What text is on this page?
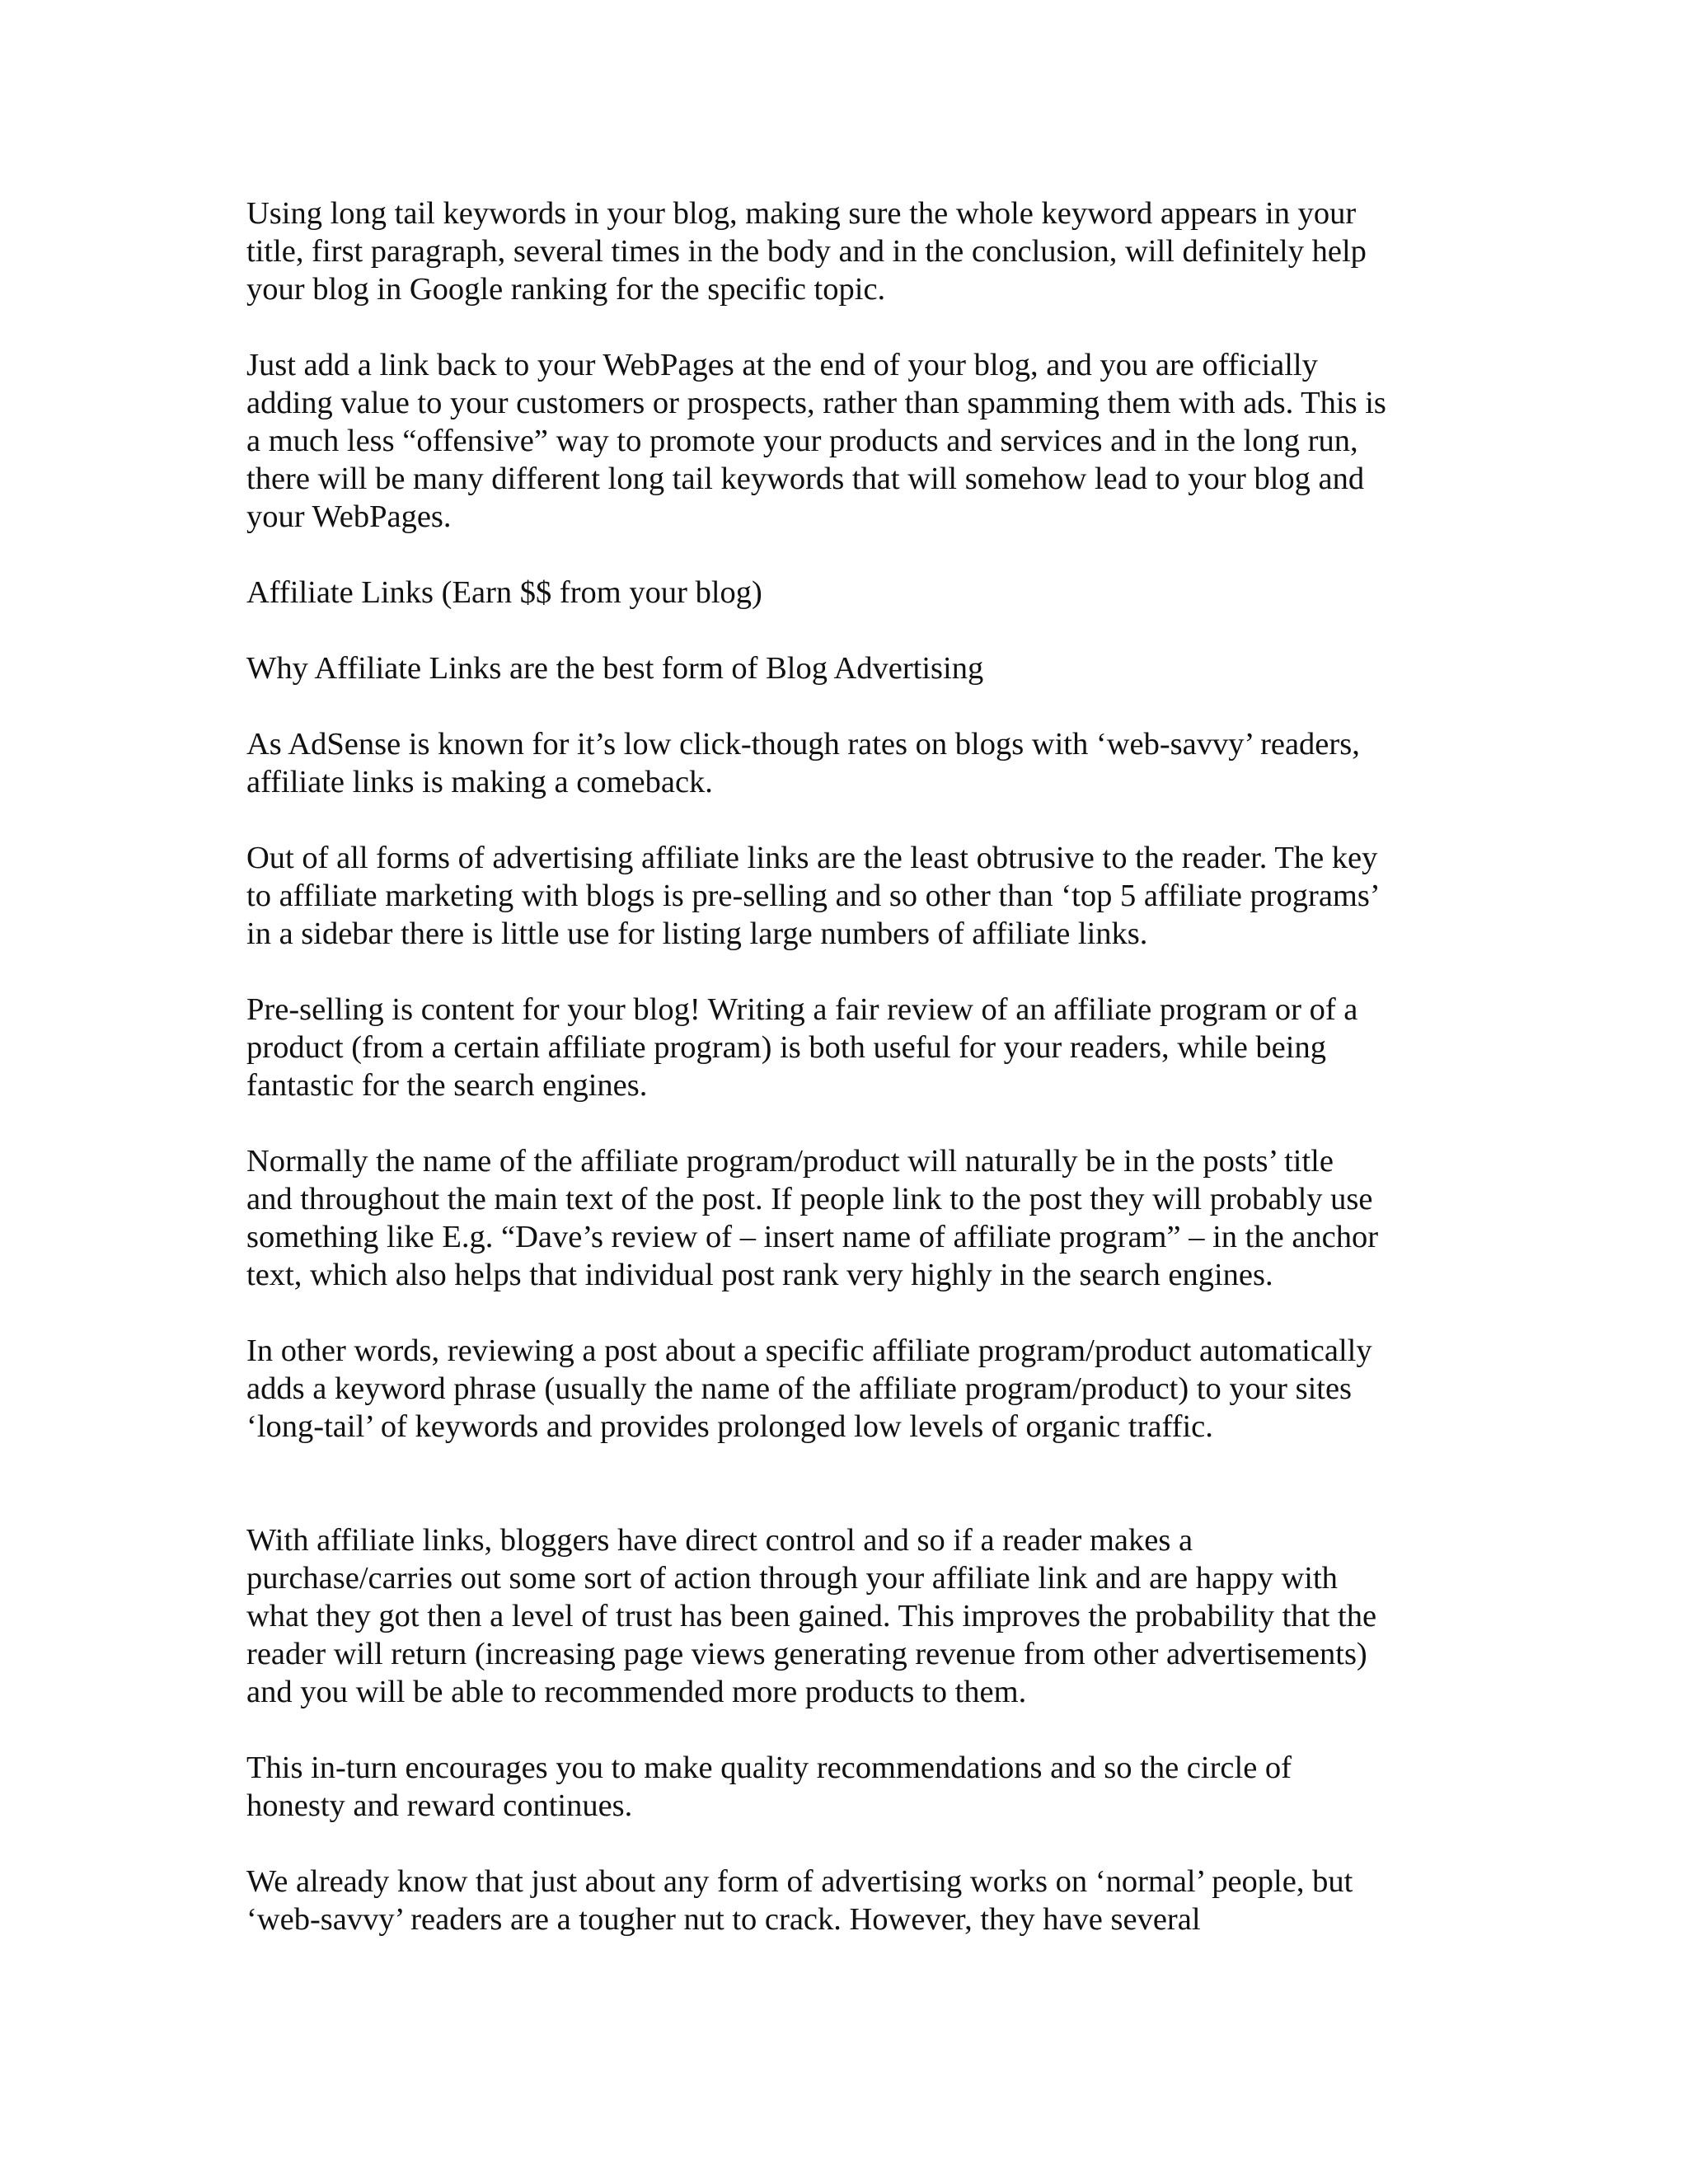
Using long tail keywords in your blog, making sure the whole keyword appears in your
title, first paragraph, several times in the body and in the conclusion, will definitely help
your blog in Google ranking for the specific topic.

Just add a link back to your WebPages at the end of your blog, and you are officially
adding value to your customers or prospects, rather than spamming them with ads. This is
a much less “offensive” way to promote your products and services and in the long run,
there will be many different long tail keywords that will somehow lead to your blog and
your WebPages.

Affiliate Links (Earn $$ from your blog)

Why Affiliate Links are the best form of Blog Advertising

As AdSense is known for it’s low click-though rates on blogs with ‘web-savvy’ readers,
affiliate links is making a comeback.

Out of all forms of advertising affiliate links are the least obtrusive to the reader. The key
to affiliate marketing with blogs is pre-selling and so other than ‘top 5 affiliate programs’
in a sidebar there is little use for listing large numbers of affiliate links.

Pre-selling is content for your blog! Writing a fair review of an affiliate program or of a
product (from a certain affiliate program) is both useful for your readers, while being
fantastic for the search engines.

Normally the name of the affiliate program/product will naturally be in the posts’ title
and throughout the main text of the post. If people link to the post they will probably use
something like E.g. “Dave’s review of – insert name of affiliate program” – in the anchor
text, which also helps that individual post rank very highly in the search engines.

In other words, reviewing a post about a specific affiliate program/product automatically
adds a keyword phrase (usually the name of the affiliate program/product) to your sites
‘long-tail’ of keywords and provides prolonged low levels of organic traffic.

With affiliate links, bloggers have direct control and so if a reader makes a
purchase/carries out some sort of action through your affiliate link and are happy with
what they got then a level of trust has been gained. This improves the probability that the
reader will return (increasing page views generating revenue from other advertisements)
and you will be able to recommended more products to them.

This in-turn encourages you to make quality recommendations and so the circle of
honesty and reward continues.

We already know that just about any form of advertising works on ‘normal’ people, but
‘web-savvy’ readers are a tougher nut to crack. However, they have several
